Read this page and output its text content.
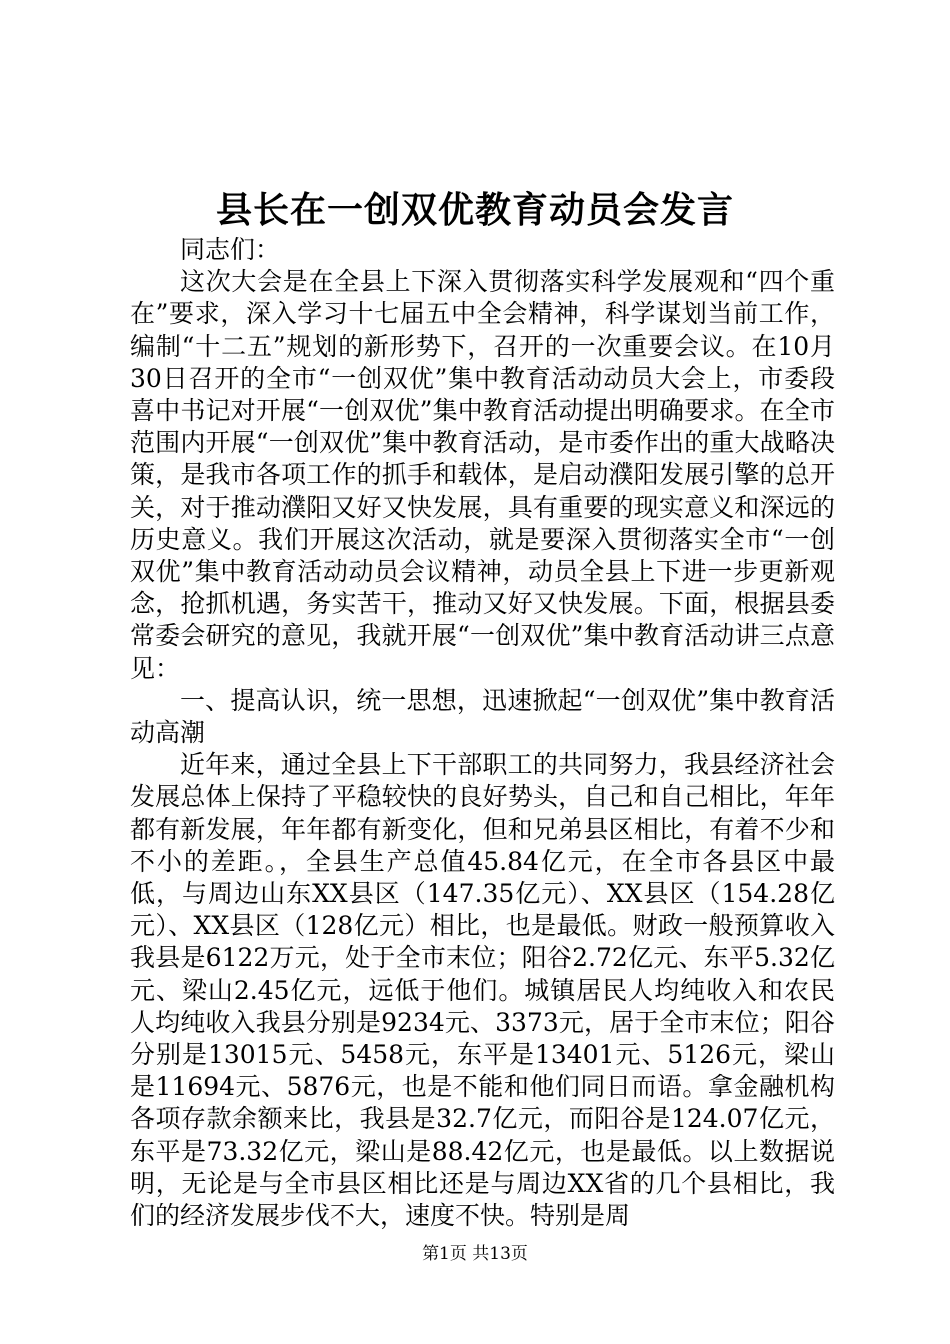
县长在一创双优教育动员会发言

同志们：

这次大会是在全县上下深入贯彻落实科学发展观和“四个重在”要求，深入学习十七届五中全会精神，科学谋划当前工作，编制“十二五”规划的新形势下，召开的一次重要会议。在10月30日召开的全市“一创双优”集中教育活动动员大会上，市委段喜中书记对开展“一创双优”集中教育活动提出明确要求。在全市范围内开展“一创双优”集中教育活动，是市委作出的重大战略决策，是我市各项工作的抓手和载体，是启动濮阳发展引擎的总开关，对于推动濮阳又好又快发展，具有重要的现实意义和深远的历史意义。我们开展这次活动，就是要深入贯彻落实全市“一创双优”集中教育活动动员会议精神，动员全县上下进一步更新观念，抢抓机遇，务实苦干，推动又好又快发展。下面，根据县委常委会研究的意见，我就开展“一创双优”集中教育活动讲三点意见：

一、提高认识，统一思想，迅速掀起“一创双优”集中教育活动高潮

近年来，通过全县上下干部职工的共同努力，我县经济社会发展总体上保持了平稳较快的良好势头，自己和自己相比，年年都有新发展，年年都有新变化，但和兄弟县区相比，有着不少和不小的差距。，全县生产总值45.84亿元，在全市各县区中最低，与周边山东XX县区（147.35亿元）、XX县区（154.28亿元）、XX县区（128亿元）相比，也是最低。财政一般预算收入我县是6122万元，处于全市末位；阳谷2.72亿元、东平5.32亿元、梁山2.45亿元，远低于他们。城镇居民人均纯收入和农民人均纯收入我县分别是9234元、3373元，居于全市末位；阳谷分别是13015元、5458元，东平是13401元、5126元，梁山是11694元、5876元，也是不能和他们同日而语。拿金融机构各项存款余额来比，我县是32.7亿元，而阳谷是124.07亿元，东平是73.32亿元，梁山是88.42亿元，也是最低。以上数据说明，无论是与全市县区相比还是与周边XX省的几个县相比，我们的经济发展步伐不大，速度不快。特别是周

第1页 共13页
